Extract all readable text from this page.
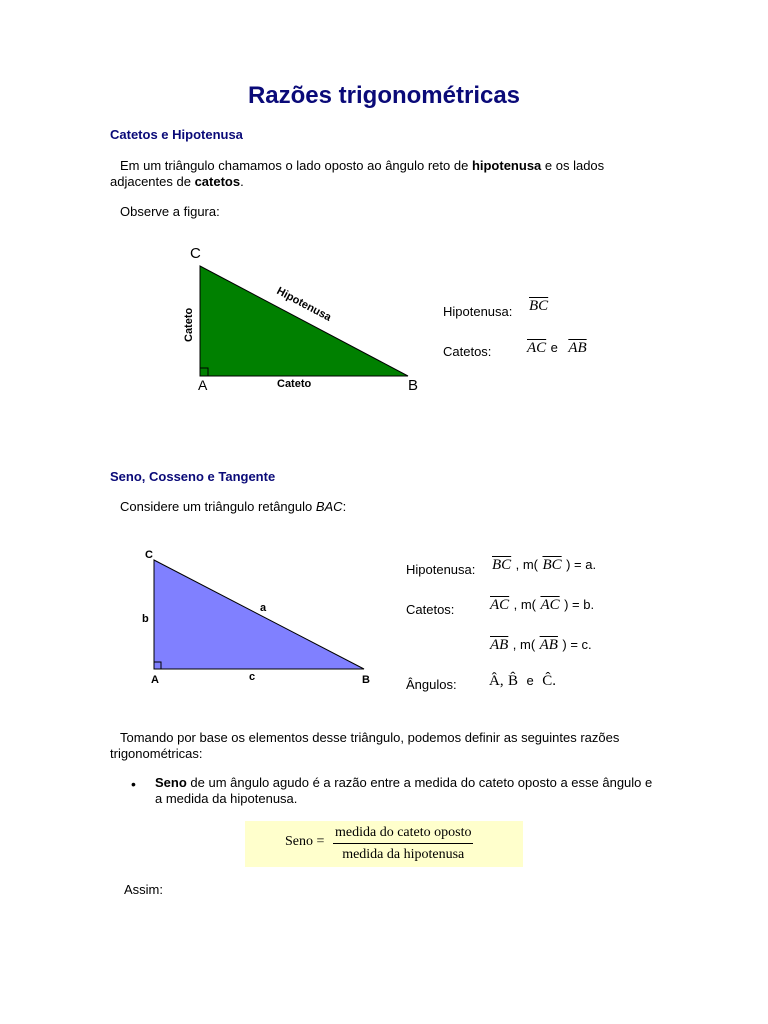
Razões trigonométricas
Catetos e Hipotenusa
Em um triângulo chamamos o lado oposto ao ângulo reto de hipotenusa e os lados adjacentes de catetos.
Observe a figura:
C
A	B
Cateto
Cateto
Hipotenusa	Hipotenusa: $\overline{BC}$
Catetos: $\overline{AC}$ e $\overline{AB}$
Seno, Cosseno e Tangente
Considere um triângulo retângulo BAC:
C
A	B
a
b
c
Hipotenusa: $\overline{BC}$ , m( $\overline{BC}$ ) = a.
Catetos: $\overline{AC}$ , m( $\overline{AC}$ ) = b.
$\overline{AB}$ , m( $\overline{AB}$ ) = c.
Ângulos: Â, B̂ e Ĉ.
Tomando por base os elementos desse triângulo, podemos definir as seguintes razões trigonométricas:
• Seno de um ângulo agudo é a razão entre a medida do cateto oposto a esse ângulo e a medida da hipotenusa.
Seno =
medida do cateto oposto
medida da hipotenusa
Assim:
